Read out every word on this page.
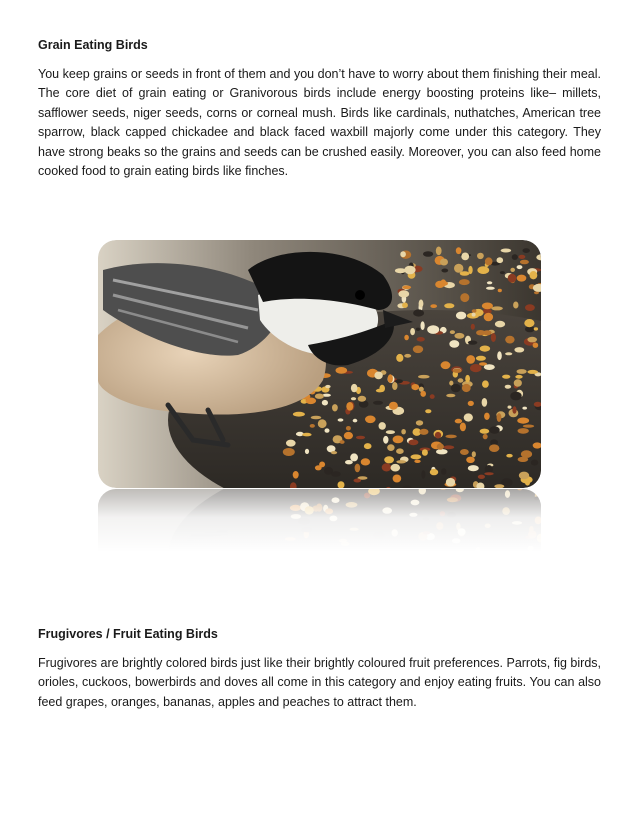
Grain Eating Birds

You keep grains or seeds in front of them and you don’t have to worry about them finishing their meal. The core diet of grain eating or Granivorous birds include energy boosting proteins like– millets, safflower seeds, niger seeds, corns or corneal mush. Birds like cardinals, nuthatches, American tree sparrow, black capped chickadee and black faced waxbill majorly come under this category. They have strong beaks so the grains and seeds can be crushed easily. Moreover, you can also feed home cooked food to grain eating birds like finches.

Frugivores / Fruit Eating Birds

Frugivores are brightly colored birds just like their brightly coloured fruit preferences. Parrots, fig birds, orioles, cuckoos, bowerbirds and doves all come in this category and enjoy eating fruits. You can also feed grapes, oranges, bananas, apples and peaches to attract them.
